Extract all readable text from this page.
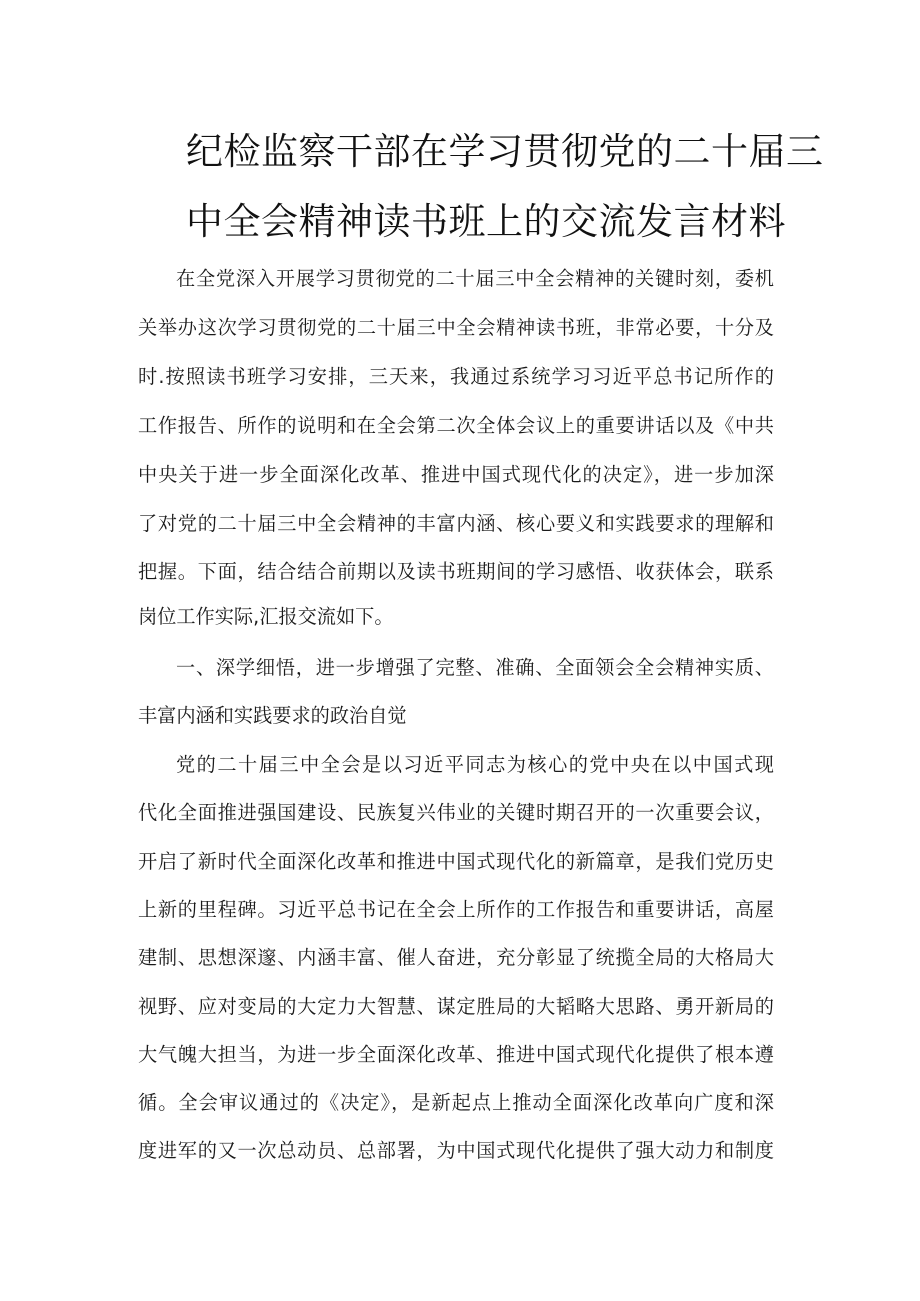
纪检监察干部在学习贯彻党的二十届三
中全会精神读书班上的交流发言材料
在全党深入开展学习贯彻党的二十届三中全会精神的关键时刻，委机
关举办这次学习贯彻党的二十届三中全会精神读书班，非常必要，十分及
时.按照读书班学习安排，三天来，我通过系统学习习近平总书记所作的
工作报告、所作的说明和在全会第二次全体会议上的重要讲话以及《中共
中央关于进一步全面深化改革、推进中国式现代化的决定》，进一步加深
了对党的二十届三中全会精神的丰富内涵、核心要义和实践要求的理解和
把握。下面，结合结合前期以及读书班期间的学习感悟、收获体会，联系
岗位工作实际,汇报交流如下。
一、深学细悟，进一步增强了完整、准确、全面领会全会精神实质、
丰富内涵和实践要求的政治自觉
党的二十届三中全会是以习近平同志为核心的党中央在以中国式现
代化全面推进强国建设、民族复兴伟业的关键时期召开的一次重要会议，
开启了新时代全面深化改革和推进中国式现代化的新篇章，是我们党历史
上新的里程碑。习近平总书记在全会上所作的工作报告和重要讲话，高屋
建制、思想深邃、内涵丰富、催人奋进，充分彰显了统揽全局的大格局大
视野、应对变局的大定力大智慧、谋定胜局的大韬略大思路、勇开新局的
大气魄大担当，为进一步全面深化改革、推进中国式现代化提供了根本遵
循。全会审议通过的《决定》，是新起点上推动全面深化改革向广度和深
度进军的又一次总动员、总部署，为中国式现代化提供了强大动力和制度
